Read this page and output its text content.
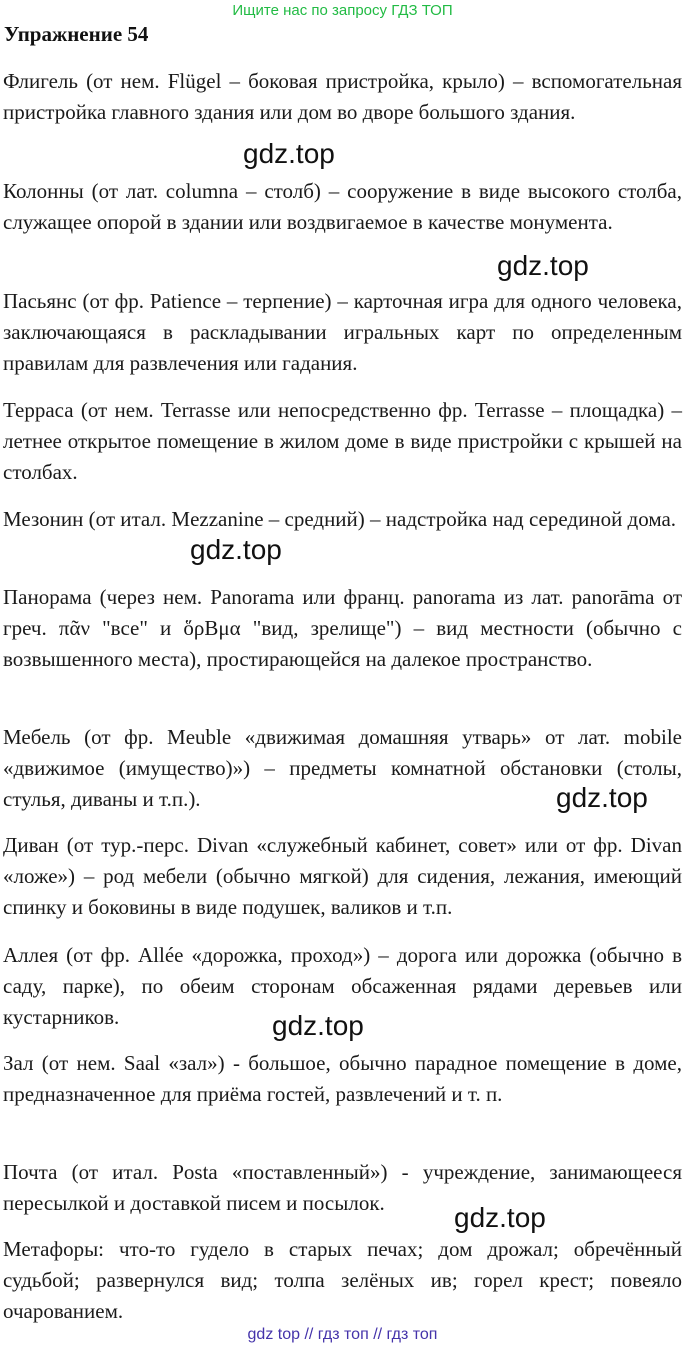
Ищите нас по запросу ГДЗ ТОП
Упражнение 54

Флигель (от нем. Flügel – боковая пристройка, крыло) – вспомогательная пристройка главного здания или дом во дворе большого здания.

Колонны (от лат. columna – столб) – сооружение в виде высокого столба, служащее опорой в здании или воздвигаемое в качестве монумента.

Пасьянс (от фр. Patience – терпение) – карточная игра для одного человека, заключающаяся в раскладывании игральных карт по определенным правилам для развлечения или гадания.

Терраса (от нем. Terrasse или непосредственно фр. Terrasse – площадка) – летнее открытое помещение в жилом доме в виде пристройки с крышей на столбах.

Мезонин (от итал. Mezzanine – средний) – надстройка над серединой дома.

Панорама (через нем. Panorama или франц. panorama из лат. panorāma от греч. πᾶν "все" и ὅρBμα "вид, зрелище") – вид местности (обычно с возвышенного места), простирающейся на далекое пространство.

Мебель (от фр. Meuble «движимая домашняя утварь» от лат. mobile «движимое (имущество)») – предметы комнатной обстановки (столы, стулья, диваны и т.п.).

Диван (от тур.-перс. Divan «служебный кабинет, совет» или от фр. Divan «ложе») – род мебели (обычно мягкой) для сидения, лежания, имеющий спинку и боковины в виде подушек, валиков и т.п.

Аллея (от фр. Allée «дорожка, проход») – дорога или дорожка (обычно в саду, парке), по обеим сторонам обсаженная рядами деревьев или кустарников.

Зал (от нем. Saal «зал») - большое, обычно парадное помещение в доме, предназначенное для приёма гостей, развлечений и т. п.

Почта (от итал. Posta «поставленный») - учреждение, занимающееся пересылкой и доставкой писем и посылок.

Метафоры: что-то гудело в старых печах; дом дрожал; обречённый судьбой; развернулся вид; толпа зелёных ив; горел крест; повеяло очарованием.

gdz.top
gdz.top
gdz.top
gdz.top
gdz.top
gdz.top
gdz top // гдз топ // гдз топ
